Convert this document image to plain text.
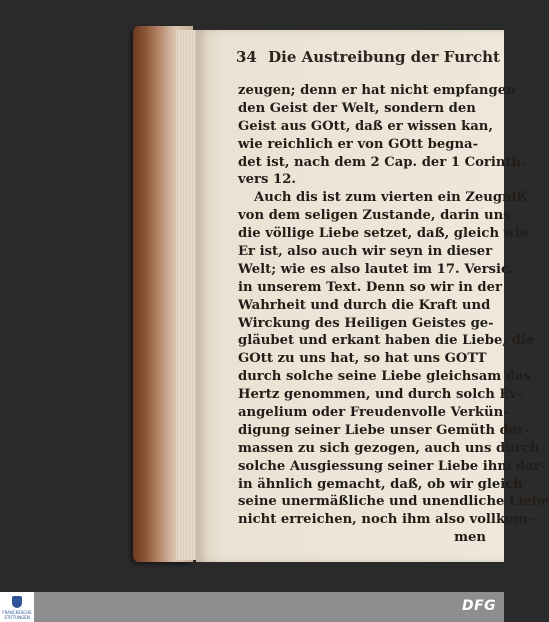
34 Die Austreibung der Furcht
zeugen; denn er hat nicht empfangen
den Geist der Welt, sondern den
Geist aus GOtt, daß er wissen kan,
wie reichlich er von GOtt begna-
det ist, nach dem 2 Cap. der 1 Corinth.
vers 12.
Auch dis ist zum vierten ein Zeugniß
von dem seligen Zustande, darin uns
die völlige Liebe setzet, daß, gleich wie
Er ist, also auch wir seyn in dieser
Welt; wie es also lautet im 17. Versic.
in unserem Text. Denn so wir in der
Wahrheit und durch die Kraft und
Wirckung des Heiligen Geistes ge-
gläubet und erkant haben die Liebe, die
GOtt zu uns hat, so hat uns GOTT
durch solche seine Liebe gleichsam das
Hertz genommen, und durch solch Ev-
angelium oder Freudenvolle Verkün-
digung seiner Liebe unser Gemüth der-
massen zu sich gezogen, auch uns durch
solche Ausgiessung seiner Liebe ihm dar-
in ähnlich gemacht, daß, ob wir gleich
seine unermäßliche und unendliche Liebe
nicht erreichen, noch ihm also vollkom-
men
FRANCKESCHE STIFTUNGEN
DFG
